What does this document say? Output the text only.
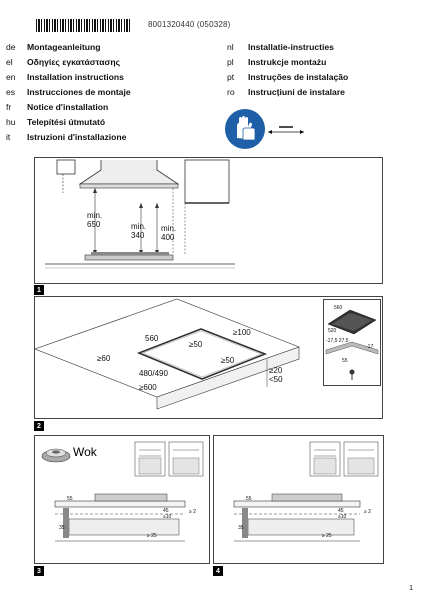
8001320440 (050328)
de	Montageanleitung
el	Οδηγίες εγκατάστασης
en	Installation instructions
es	Instrucciones de montaje
fr	Notice d'installation
hu	Telepítési útmutató
it	Istruzioni d'installazione
nl	Installatie-instructies
pl	Instrukcje montażu
pt	Instruções de instalação
ro	Instrucțiuni de instalare
min.
650	min.
340
min.
400
1
560
≥100
≥50
≥50
≥60
480/490
≥600
≥20
<50
560
520
-17,5 27,5
-17
55
2
Wok
55
45
≥10
≥ 2
35
≥ 25
3
55
45
≥10
≥ 2
35
≥ 25
4
1
